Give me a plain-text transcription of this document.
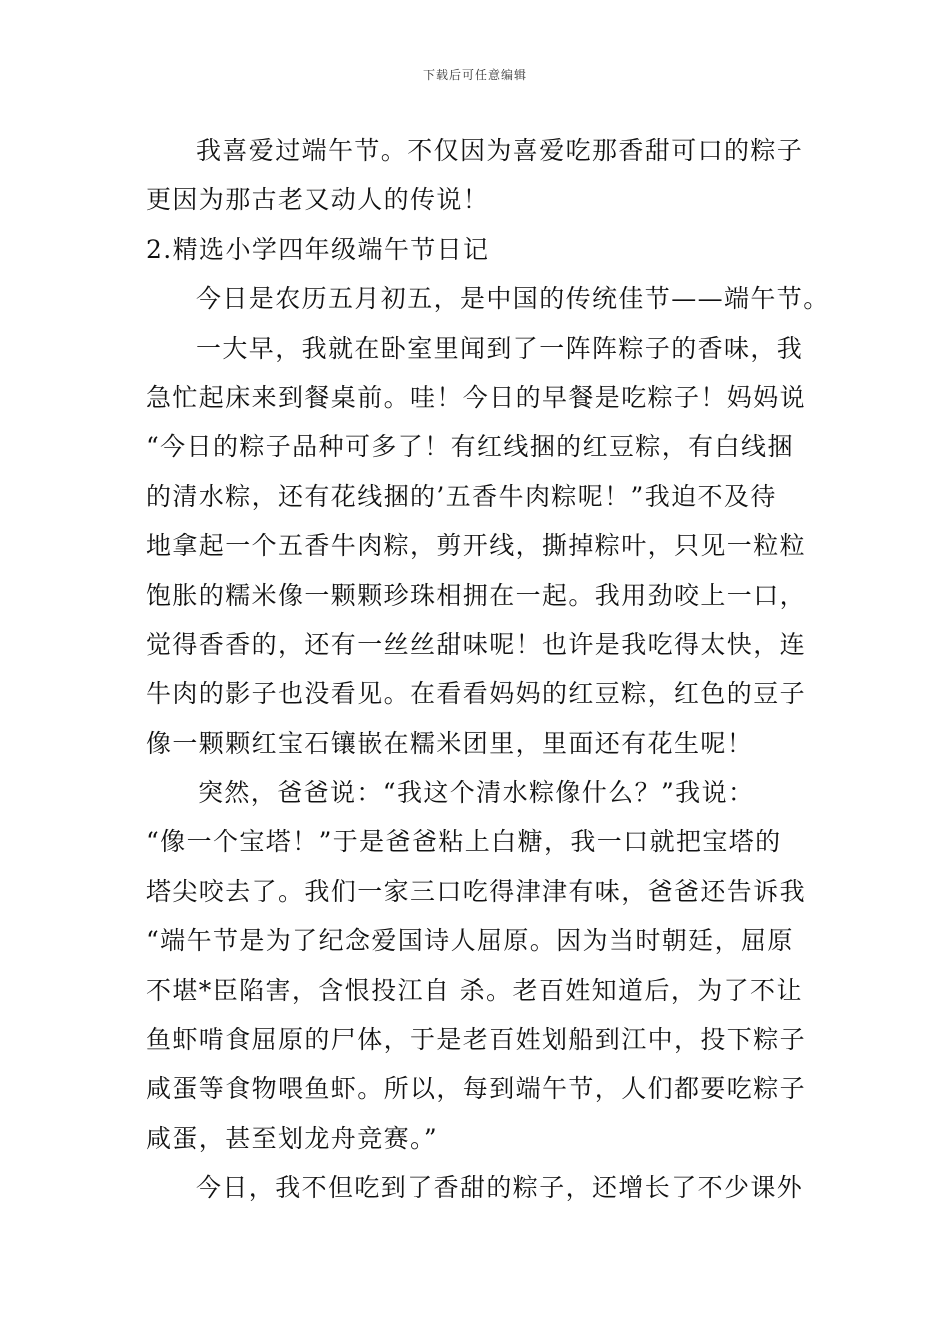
下载后可任意编辑
我喜爱过端午节。不仅因为喜爱吃那香甜可口的粽子
更因为那古老又动人的传说！
2.精选小学四年级端午节日记
今日是农历五月初五，是中国的传统佳节——端午节。
一大早，我就在卧室里闻到了一阵阵粽子的香味，我
急忙起床来到餐桌前。哇！今日的早餐是吃粽子！妈妈说
“今日的粽子品种可多了！有红线捆的红豆粽，有白线捆
的清水粽，还有花线捆的’五香牛肉粽呢！”我迫不及待
地拿起一个五香牛肉粽，剪开线，撕掉粽叶，只见一粒粒
饱胀的糯米像一颗颗珍珠相拥在一起。我用劲咬上一口，
觉得香香的，还有一丝丝甜味呢！也许是我吃得太快，连
牛肉的影子也没看见。在看看妈妈的红豆粽，红色的豆子
像一颗颗红宝石镶嵌在糯米团里，里面还有花生呢！
突然，爸爸说：“我这个清水粽像什么？”我说：
“像一个宝塔！”于是爸爸粘上白糖，我一口就把宝塔的
塔尖咬去了。我们一家三口吃得津津有味，爸爸还告诉我
“端午节是为了纪念爱国诗人屈原。因为当时朝廷，屈原
不堪*臣陷害，含恨投江自 杀。老百姓知道后，为了不让
鱼虾啃食屈原的尸体，于是老百姓划船到江中，投下粽子
咸蛋等食物喂鱼虾。所以，每到端午节，人们都要吃粽子
咸蛋，甚至划龙舟竞赛。”
今日，我不但吃到了香甜的粽子，还增长了不少课外
